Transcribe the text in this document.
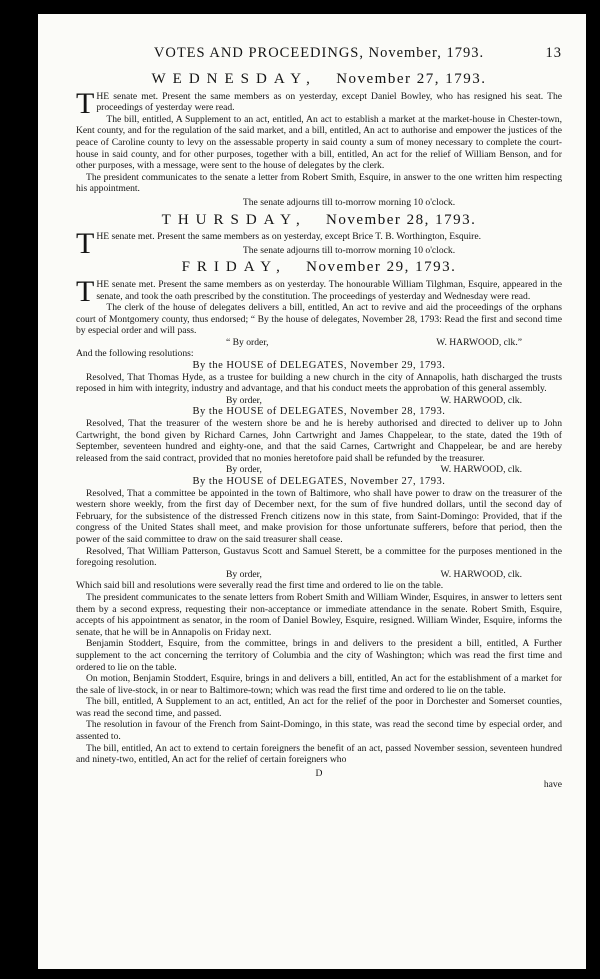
VOTES AND PROCEEDINGS, November, 1793.	13
WEDNESDAY, November 27, 1793.

THE senate met. Present the same members as on yesterday, except Daniel Bowley, who has resigned his seat. The proceedings of yesterday were read.

The bill, entitled, A Supplement to an act, entitled, An act to establish a market at the market-house in Chester-town, Kent county, and for the regulation of the said market, and a bill, entitled, An act to authorise and empower the justices of the peace of Caroline county to levy on the assessable property in said county a sum of money necessary to complete the court-house in said county, and for other purposes, together with a bill, entitled, An act for the relief of William Benson, and for other purposes, with a message, were sent to the house of delegates by the clerk.

The president communicates to the senate a letter from Robert Smith, Esquire, in answer to the one written him respecting his appointment.

The senate adjourns till to-morrow morning 10 o'clock.

THURSDAY, November 28, 1793.

THE senate met. Present the same members as on yesterday, except Brice T. B. Worthington, Esquire.

The senate adjourns till to-morrow morning 10 o'clock.

FRIDAY, November 29, 1793.

THE senate met. Present the same members as on yesterday. The honourable William Tilghman, Esquire, appeared in the senate, and took the oath prescribed by the constitution. The proceedings of yesterday and Wednesday were read.

The clerk of the house of delegates delivers a bill, entitled, An act to revive and aid the proceedings of the orphans court of Montgomery county, thus endorsed; “ By the house of delegates, November 28, 1793: Read the first and second time by especial order and will pass.

“ By order,	W. HARWOOD, clk.”

And the following resolutions:

By the HOUSE of DELEGATES, November 29, 1793.

Resolved, That Thomas Hyde, as a trustee for building a new church in the city of Annapolis, hath discharged the trusts reposed in him with integrity, industry and advantage, and that his conduct meets the approbation of this general assembly.

By order,	W. HARWOOD, clk.
By the HOUSE of DELEGATES, November 28, 1793.

Resolved, That the treasurer of the western shore be and he is hereby authorised and directed to deliver up to John Cartwright, the bond given by Richard Carnes, John Cartwright and James Chappelear, to the state, dated the 19th of September, seventeen hundred and eighty-one, and that the said Carnes, Cartwright and Chappelear, be and are hereby released from the said contract, provided that no monies heretofore paid shall be refunded by the treasurer.

By order,	W. HARWOOD, clk.
By the HOUSE of DELEGATES, November 27, 1793.

Resolved, That a committee be appointed in the town of Baltimore, who shall have power to draw on the treasurer of the western shore weekly, from the first day of December next, for the sum of five hundred dollars, until the second day of February, for the subsistence of the distressed French citizens now in this state, from Saint-Domingo: Provided, that if the congress of the United States shall meet, and make provision for those unfortunate sufferers, before that period, then the power of the said committee to draw on the said treasurer shall cease.

Resolved, That William Patterson, Gustavus Scott and Samuel Sterett, be a committee for the purposes mentioned in the foregoing resolution.

By order,	W. HARWOOD, clk.

Which said bill and resolutions were severally read the first time and ordered to lie on the table.

The president communicates to the senate letters from Robert Smith and William Winder, Esquires, in answer to letters sent them by a second express, requesting their non-acceptance or immediate attendance in the senate. Robert Smith, Esquire, accepts of his appointment as senator, in the room of Daniel Bowley, Esquire, resigned. William Winder, Esquire, informs the senate, that he will be in Annapolis on Friday next.

Benjamin Stoddert, Esquire, from the committee, brings in and delivers to the president a bill, entitled, A Further supplement to the act concerning the territory of Columbia and the city of Washington; which was read the first time and ordered to lie on the table.

On motion, Benjamin Stoddert, Esquire, brings in and delivers a bill, entitled, An act for the establishment of a market for the sale of live-stock, in or near to Baltimore-town; which was read the first time and ordered to lie on the table.

The bill, entitled, A Supplement to an act, entitled, An act for the relief of the poor in Dorchester and Somerset counties, was read the second time, and passed.

The resolution in favour of the French from Saint-Domingo, in this state, was read the second time by especial order, and assented to.

The bill, entitled, An act to extend to certain foreigners the benefit of an act, passed November session, seventeen hundred and ninety-two, entitled, An act for the relief of certain foreigners who

D
have
